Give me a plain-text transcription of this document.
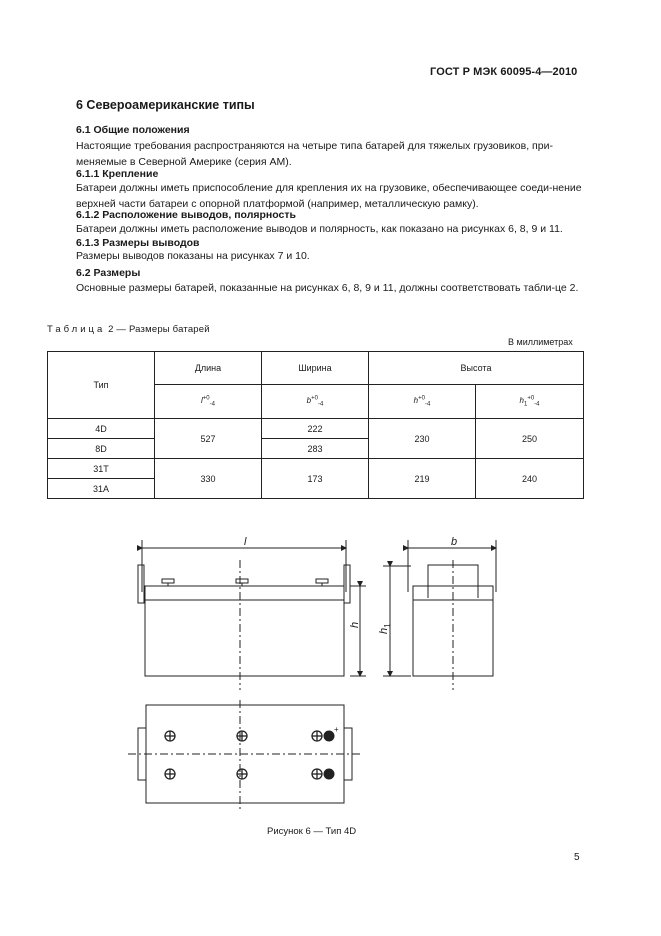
ГОСТ Р МЭК 60095-4—2010
6 Североамериканские типы
6.1 Общие положения
Настоящие требования распространяются на четыре типа батарей для тяжелых грузовиков, при-меняемые в Северной Америке (серия АМ).
6.1.1 Крепление
Батареи должны иметь приспособление для крепления их на грузовике, обеспечивающее соеди-нение верхней части батареи с опорной платформой (например, металлическую рамку).
6.1.2 Расположение выводов, полярность
Батареи должны иметь расположение выводов и полярность, как показано на рисунках 6, 8, 9 и 11.
6.1.3 Размеры выводов
Размеры выводов показаны на рисунках 7 и 10.
6.2 Размеры
Основные размеры батарей, показанные на рисунках 6, 8, 9 и 11, должны соответствовать табли-це 2.
Таблица 2 — Размеры батарей
В миллиметрах
Тип	Длина	Ширина	Высота	
	$l^{+0}_{-4}$	$b^{+0}_{-4}$	$h^{+0}_{-4}$	$h_1^{+0}_{-4}$
4D	527	222	230	250
8D		283		
31T	330	173	219	240
31A				
l	b
h
$h_1$
+
Рисунок 6 — Тип 4D
5
